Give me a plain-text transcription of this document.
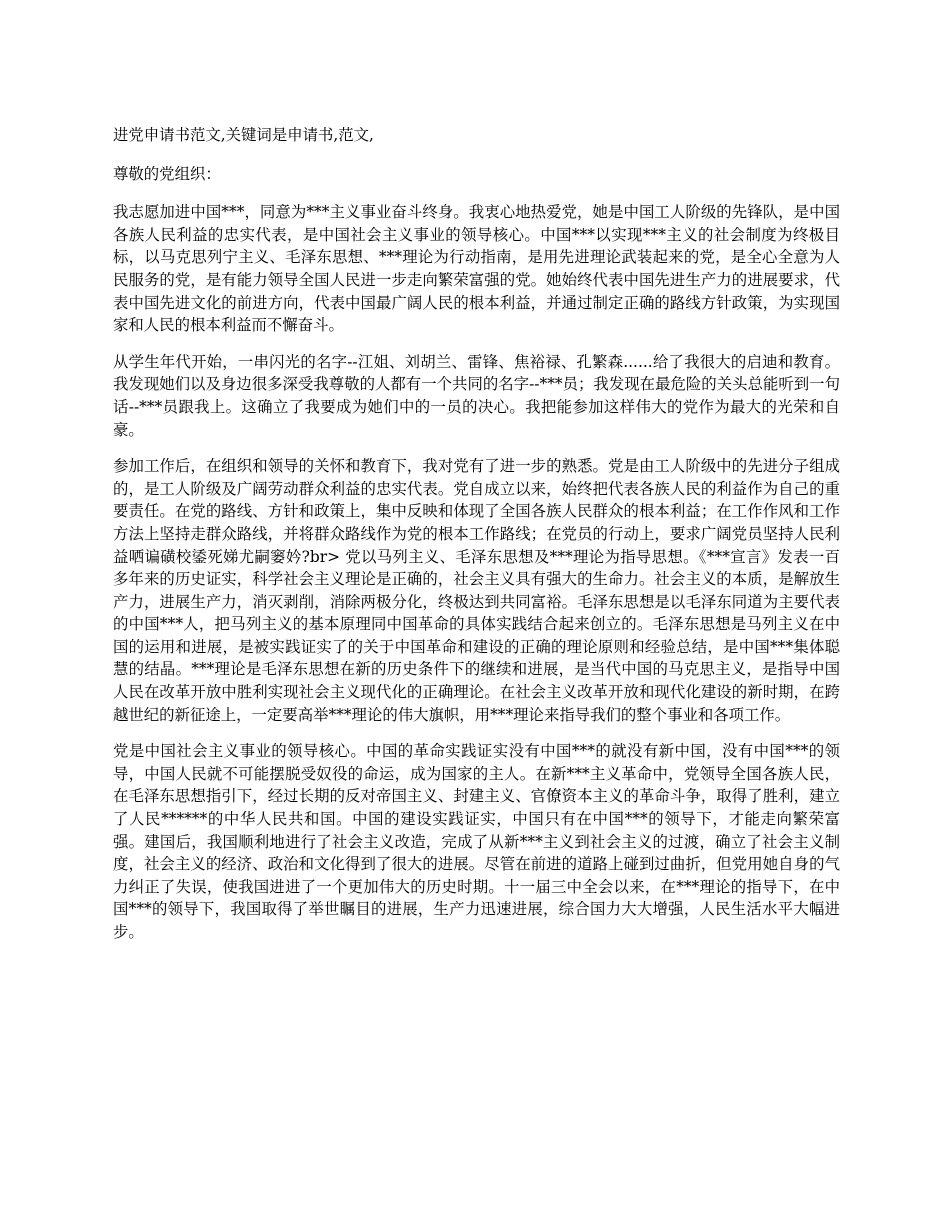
进党申请书范文,关键词是申请书,范文,

尊敬的党组织：

我志愿加进中国***，同意为***主义事业奋斗终身。我衷心地热爱党，她是中国工人阶级的先锋队，是中国各族人民利益的忠实代表，是中国社会主义事业的领导核心。中国***以实现***主义的社会制度为终极目标，以马克思列宁主义、毛泽东思想、***理论为行动指南，是用先进理论武装起来的党，是全心全意为人民服务的党，是有能力领导全国人民进一步走向繁荣富强的党。她始终代表中国先进生产力的进展要求，代表中国先进文化的前进方向，代表中国最广阔人民的根本利益，并通过制定正确的路线方针政策，为实现国家和人民的根本利益而不懈奋斗。

从学生年代开始，一串闪光的名字--江姐、刘胡兰、雷锋、焦裕禄、孔繁森......给了我很大的启迪和教育。我发现她们以及身边很多深受我尊敬的人都有一个共同的名字--***员；我发现在最危险的关头总能听到一句话--***员跟我上。这确立了我要成为她们中的一员的决心。我把能参加这样伟大的党作为最大的光荣和自豪。

参加工作后，在组织和领导的关怀和教育下，我对党有了进一步的熟悉。党是由工人阶级中的先进分子组成的，是工人阶级及广阔劳动群众利益的忠实代表。党自成立以来，始终把代表各族人民的利益作为自己的重要责任。在党的路线、方针和政策上，集中反映和体现了全国各族人民群众的根本利益；在工作作风和工作方法上坚持走群众路线，并将群众路线作为党的根本工作路线；在党员的行动上，要求广阔党员坚持人民利益哂谝磺校鋈死娣尤嗣窭妗?br> 党以马列主义、毛泽东思想及***理论为指导思想。《***宣言》发表一百多年来的历史证实，科学社会主义理论是正确的，社会主义具有强大的生命力。社会主义的本质，是解放生产力，进展生产力，消灭剥削，消除两极分化，终极达到共同富裕。毛泽东思想是以毛泽东同道为主要代表的中国***人，把马列主义的基本原理同中国革命的具体实践结合起来创立的。毛泽东思想是马列主义在中国的运用和进展，是被实践证实了的关于中国革命和建设的正确的理论原则和经验总结，是中国***集体聪慧的结晶。***理论是毛泽东思想在新的历史条件下的继续和进展，是当代中国的马克思主义，是指导中国人民在改革开放中胜利实现社会主义现代化的正确理论。在社会主义改革开放和现代化建设的新时期，在跨越世纪的新征途上，一定要高举***理论的伟大旗帜，用***理论来指导我们的整个事业和各项工作。

党是中国社会主义事业的领导核心。中国的革命实践证实没有中国***的就没有新中国，没有中国***的领导，中国人民就不可能摆脱受奴役的命运，成为国家的主人。在新***主义革命中，党领导全国各族人民，在毛泽东思想指引下，经过长期的反对帝国主义、封建主义、官僚资本主义的革命斗争，取得了胜利，建立了人民******的中华人民共和国。中国的建设实践证实，中国只有在中国***的领导下，才能走向繁荣富强。建国后，我国顺利地进行了社会主义改造，完成了从新***主义到社会主义的过渡，确立了社会主义制度，社会主义的经济、政治和文化得到了很大的进展。尽管在前进的道路上碰到过曲折，但党用她自身的气力纠正了失误，使我国进进了一个更加伟大的历史时期。十一届三中全会以来，在***理论的指导下，在中国***的领导下，我国取得了举世瞩目的进展，生产力迅速进展，综合国力大大增强，人民生活水平大幅进步。
